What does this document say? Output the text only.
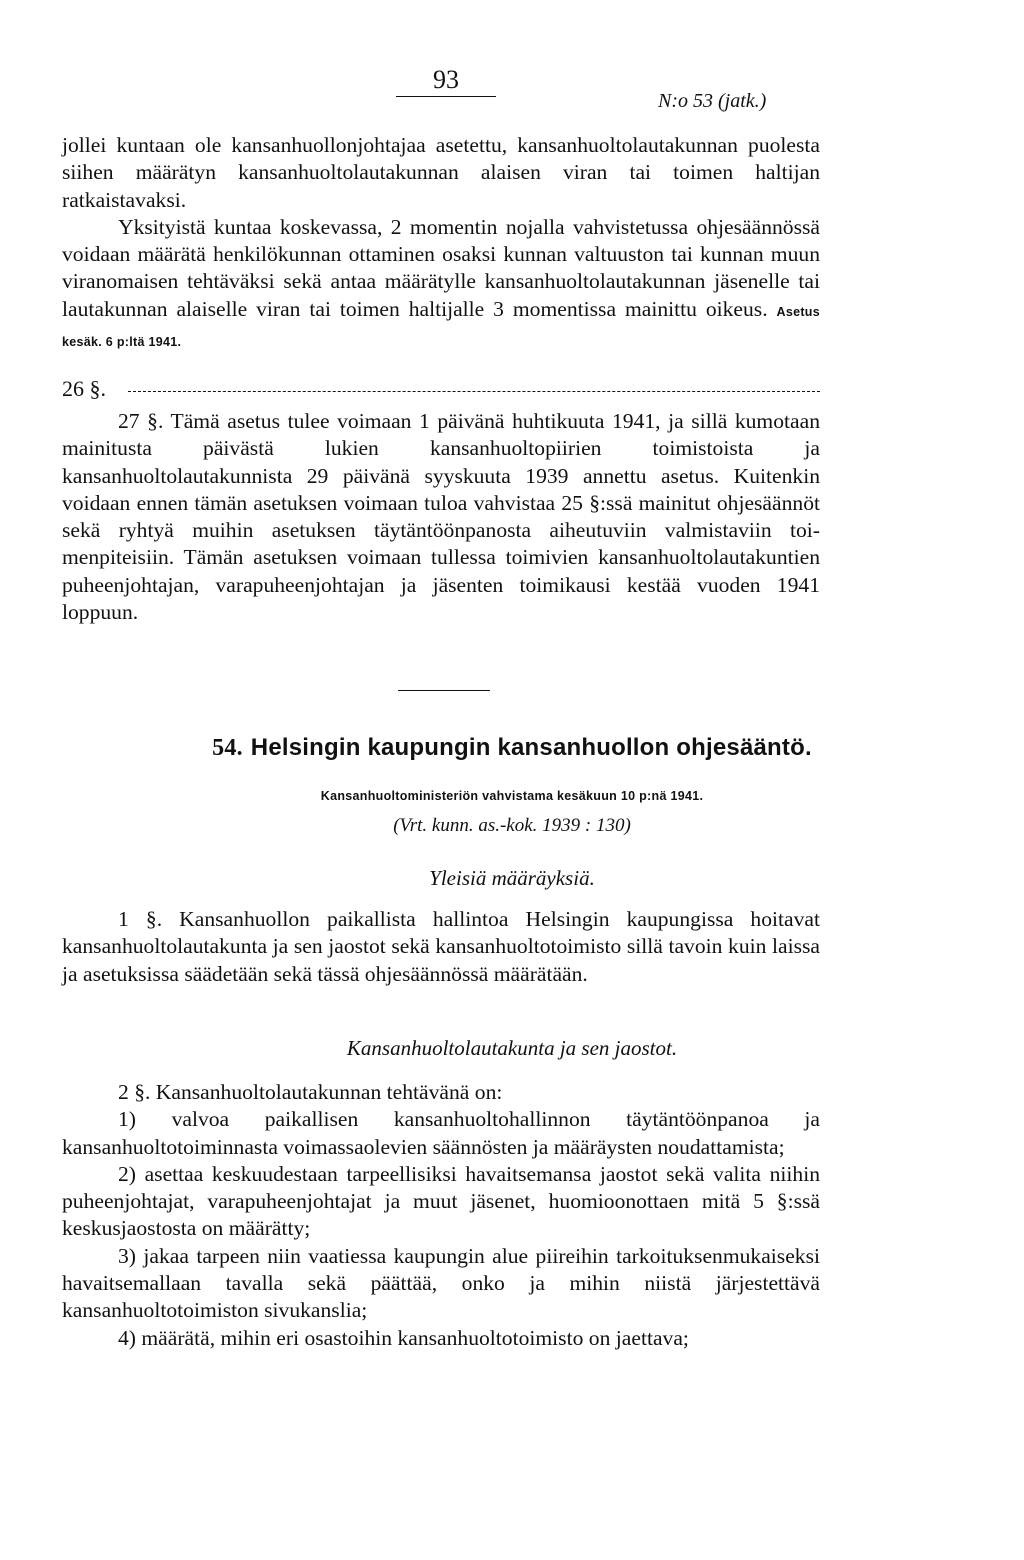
93
N:o 53 (jatk.)

jollei kuntaan ole kansanhuollonjohtajaa asetettu, kansanhuoltolautakunnan puolesta siihen määrätyn kansanhuoltolautakunnan alaisen viran tai toimen haltijan ratkaistavaksi.

Yksityistä kuntaa koskevassa, 2 momentin nojalla vahvistetussa ohjesäännössä voidaan määrätä henkilökunnan ottaminen osaksi kunnan valtuuston tai kunnan muun viranomaisen tehtäväksi sekä antaa määrätylle kansanhuoltolautakunnan jäsenelle tai lautakunnan alaiselle viran tai toimen haltijalle 3 momentissa mainittu oikeus. Asetus kesäk. 6 p:ltä 1941.

26 §.

27 §. Tämä asetus tulee voimaan 1 päivänä huhtikuuta 1941, ja sillä kumotaan mainitusta päivästä lukien kansanhuoltopiirien toimistoista ja kansanhuoltolautakunnista 29 päivänä syyskuuta 1939 annettu asetus. Kuitenkin voidaan ennen tämän asetuksen voimaan tuloa vahvistaa 25 §:ssä mainitut ohjesäännöt sekä ryhtyä muihin asetuksen täytäntöönpanosta aiheutuviin valmistaviin toimenpiteisiin. Tämän asetuksen voimaan tullessa toimivien kansanhuoltolautakuntien puheenjohtajan, varapuheenjohtajan ja jäsenten toimikausi kestää vuoden 1941 loppuun.

54. Helsingin kaupungin kansanhuollon ohjesääntö.
Kansanhuoltoministeriön vahvistama kesäkuun 10 p:nä 1941.
(Vrt. kunn. as.-kok. 1939 : 130)
Yleisiä määräyksiä.

1 §. Kansanhuollon paikallista hallintoa Helsingin kaupungissa hoitavat kansanhuoltolautakunta ja sen jaostot sekä kansanhuoltotoimisto sillä tavoin kuin laissa ja asetuksissa säädetään sekä tässä ohjesäännössä määrätään.

Kansanhuoltolautakunta ja sen jaostot.

2 §. Kansanhuoltolautakunnan tehtävänä on:

1) valvoa paikallisen kansanhuoltohallinnon täytäntöönpanoa ja kansanhuoltotoiminnasta voimassaolevien säännösten ja määräysten noudattamista;

2) asettaa keskuudestaan tarpeellisiksi havaitsemansa jaostot sekä valita niihin puheenjohtajat, varapuheenjohtajat ja muut jäsenet, huomioonottaen mitä 5 §:ssä keskusjaostosta on määrätty;

3) jakaa tarpeen niin vaatiessa kaupungin alue piireihin tarkoituksenmukaiseksi havaitsemallaan tavalla sekä päättää, onko ja mihin niistä järjestettävä kansanhuoltotoimiston sivukanslia;

4) määrätä, mihin eri osastoihin kansanhuoltotoimisto on jaettava;
